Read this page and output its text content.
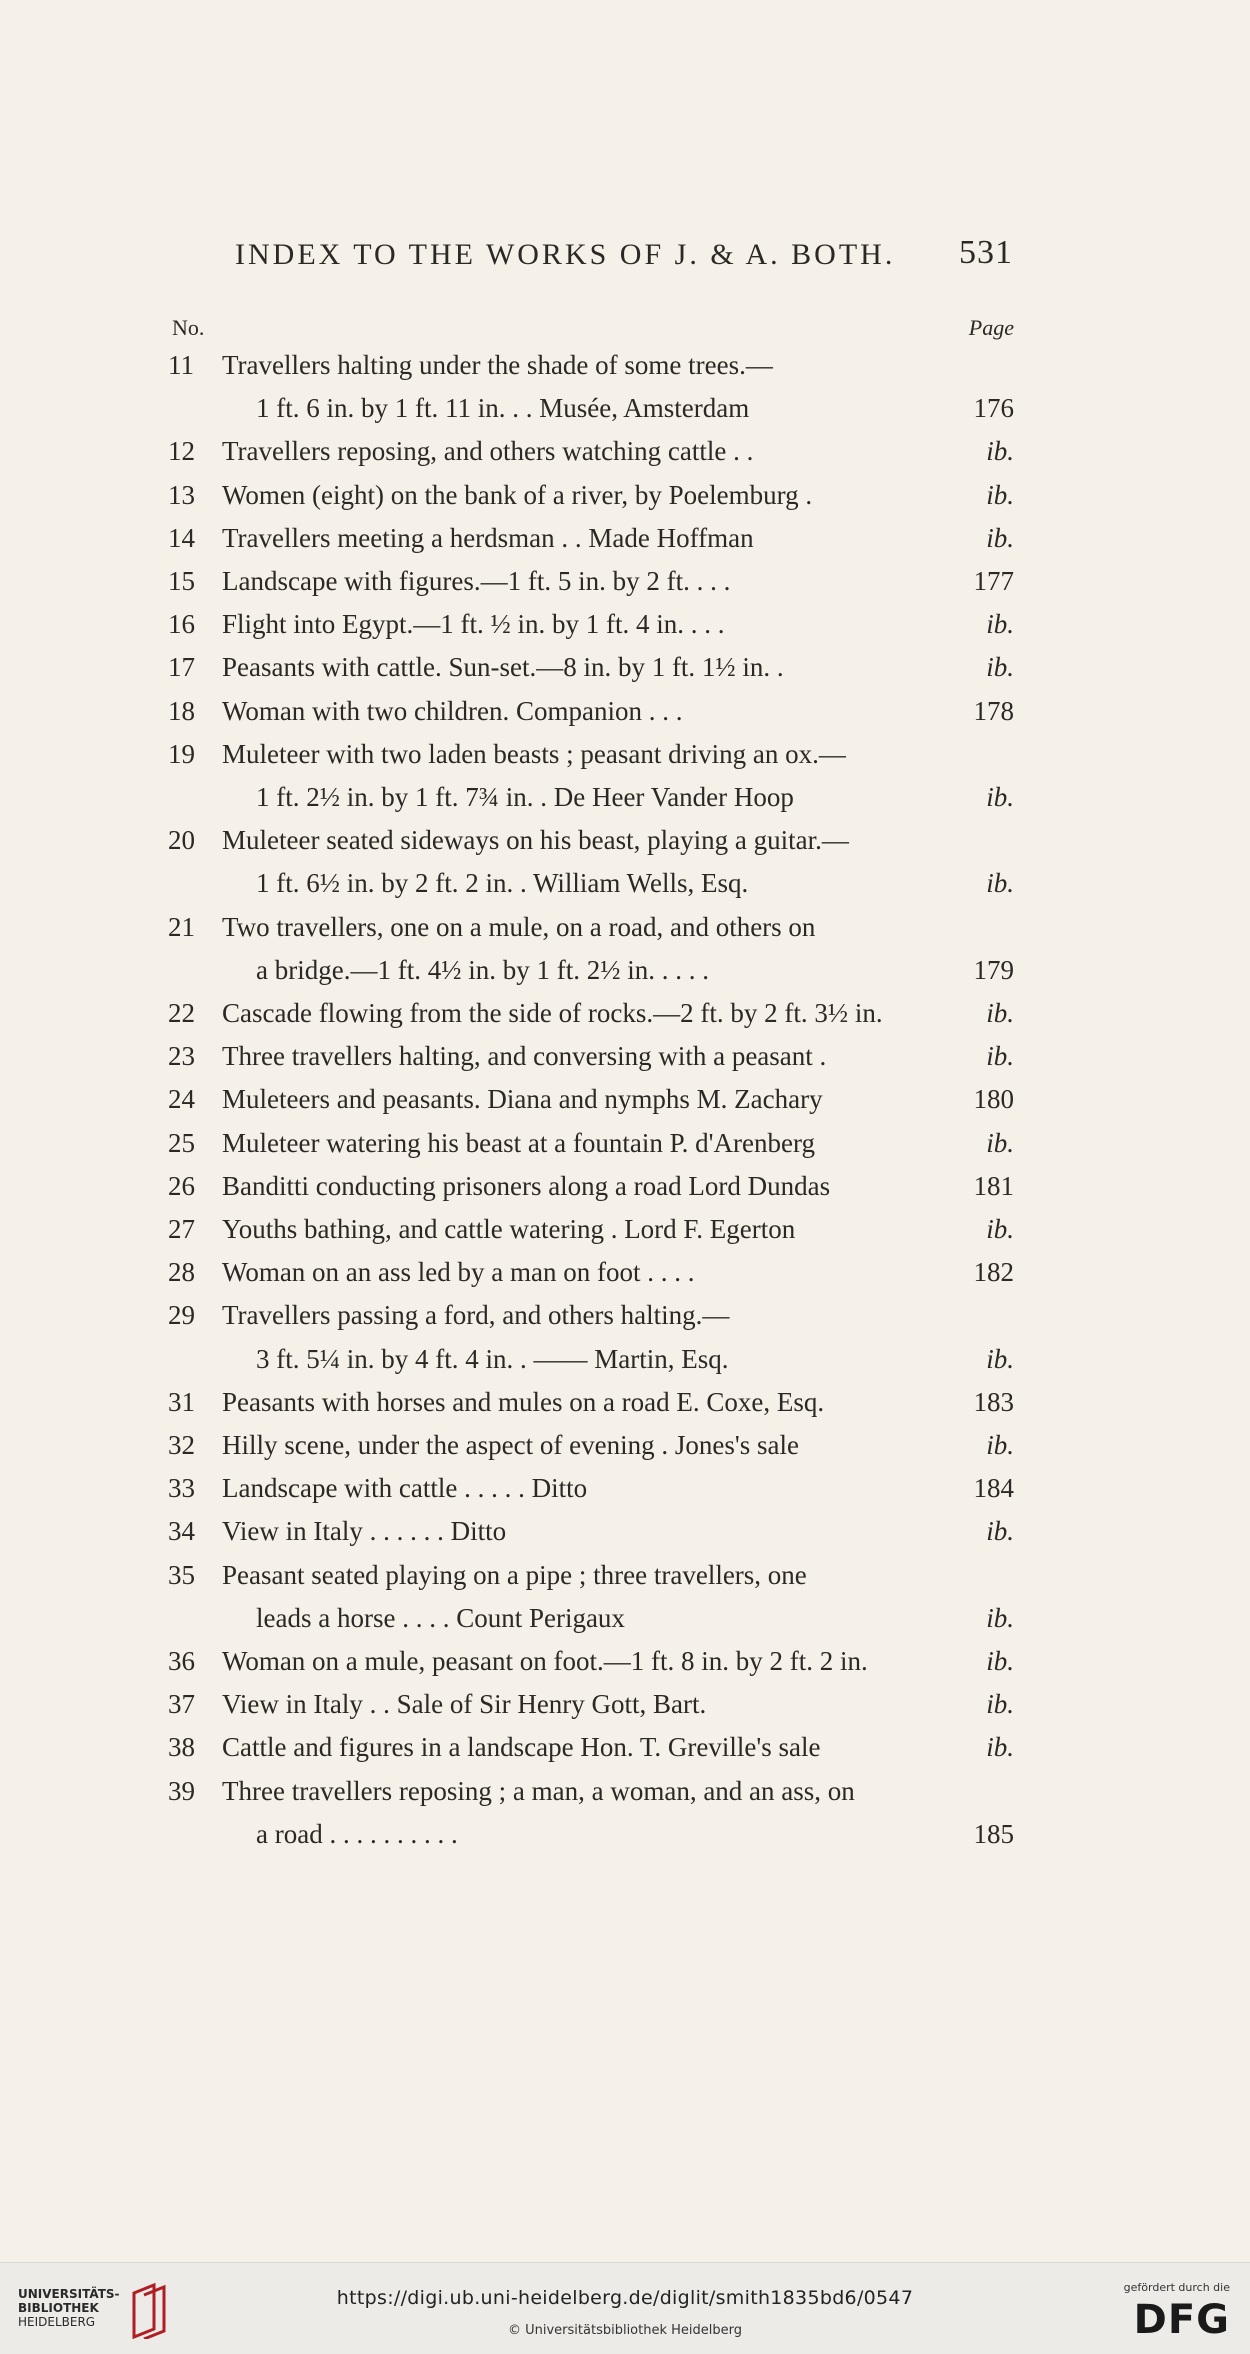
INDEX TO THE WORKS OF J. & A. BOTH. 531
No.	Page
11	Travellers halting under the shade of some trees.—
1 ft. 6 in. by 1 ft. 11 in. . . Musée, Amsterdam	176
12	Travellers reposing, and others watching cattle . .	ib.
13	Women (eight) on the bank of a river, by Poelemburg .	ib.
14	Travellers meeting a herdsman . . Made Hoffman	ib.
15	Landscape with figures.—1 ft. 5 in. by 2 ft. . . .	177
16	Flight into Egypt.—1 ft. ½ in. by 1 ft. 4 in. . . .	ib.
17	Peasants with cattle. Sun-set.—8 in. by 1 ft. 1½ in. .	ib.
18	Woman with two children. Companion . . .	178
19	Muleteer with two laden beasts ; peasant driving an ox.—
1 ft. 2½ in. by 1 ft. 7¾ in. . De Heer Vander Hoop	ib.
20	Muleteer seated sideways on his beast, playing a guitar.—
1 ft. 6½ in. by 2 ft. 2 in. . William Wells, Esq.	ib.
21	Two travellers, one on a mule, on a road, and others on
a bridge.—1 ft. 4½ in. by 1 ft. 2½ in. . . . .	179
22	Cascade flowing from the side of rocks.—2 ft. by 2 ft. 3½ in.	ib.
23	Three travellers halting, and conversing with a peasant .	ib.
24	Muleteers and peasants. Diana and nymphs M. Zachary	180
25	Muleteer watering his beast at a fountain P. d'Arenberg	ib.
26	Banditti conducting prisoners along a road Lord Dundas	181
27	Youths bathing, and cattle watering . Lord F. Egerton	ib.
28	Woman on an ass led by a man on foot . . . .	182
29	Travellers passing a ford, and others halting.—
3 ft. 5¼ in. by 4 ft. 4 in. . —— Martin, Esq.	ib.
31	Peasants with horses and mules on a road E. Coxe, Esq.	183
32	Hilly scene, under the aspect of evening . Jones's sale	ib.
33	Landscape with cattle . . . . . Ditto	184
34	View in Italy . . . . . . Ditto	ib.
35	Peasant seated playing on a pipe ; three travellers, one
leads a horse . . . . Count Perigaux	ib.
36	Woman on a mule, peasant on foot.—1 ft. 8 in. by 2 ft. 2 in.	ib.
37	View in Italy . . Sale of Sir Henry Gott, Bart.	ib.
38	Cattle and figures in a landscape Hon. T. Greville's sale	ib.
39	Three travellers reposing ; a man, a woman, and an ass, on
a road . . . . . . . . . .	185
UNIVERSITÄTS-
BIBLIOTHEK
HEIDELBERG
https://digi.ub.uni-heidelberg.de/diglit/smith1835bd6/0547
© Universitätsbibliothek Heidelberg
gefördert durch die
DFG
